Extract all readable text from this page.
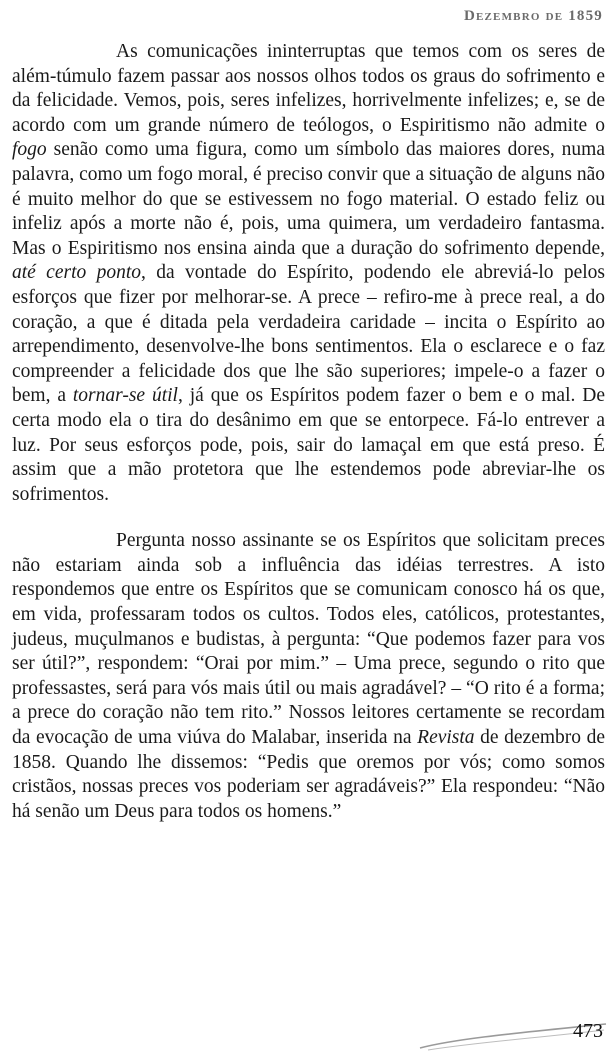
Dezembro de 1859

As comunicações ininterruptas que temos com os seres de além-túmulo fazem passar aos nossos olhos todos os graus do sofrimento e da felicidade. Vemos, pois, seres infelizes, horrivelmente infelizes; e, se de acordo com um grande número de teólogos, o Espiritismo não admite o fogo senão como uma figura, como um símbolo das maiores dores, numa palavra, como um fogo moral, é preciso convir que a situação de alguns não é muito melhor do que se estivessem no fogo material. O estado feliz ou infeliz após a morte não é, pois, uma quimera, um verdadeiro fantasma. Mas o Espiritismo nos ensina ainda que a duração do sofrimento depende, até certo ponto, da vontade do Espírito, podendo ele abreviá-lo pelos esforços que fizer por melhorar-se. A prece – refiro-me à prece real, a do coração, a que é ditada pela verdadeira caridade – incita o Espírito ao arrependimento, desenvolve-lhe bons sentimentos. Ela o esclarece e o faz compreender a felicidade dos que lhe são superiores; impele-o a fazer o bem, a tornar-se útil, já que os Espíritos podem fazer o bem e o mal. De certa modo ela o tira do desânimo em que se entorpece. Fá-lo entrever a luz. Por seus esforços pode, pois, sair do lamaçal em que está preso. É assim que a mão protetora que lhe estendemos pode abreviar-lhe os sofrimentos.

Pergunta nosso assinante se os Espíritos que solicitam preces não estariam ainda sob a influência das idéias terrestres. A isto respondemos que entre os Espíritos que se comunicam conosco há os que, em vida, professaram todos os cultos. Todos eles, católicos, protestantes, judeus, muçulmanos e budistas, à pergunta: “Que podemos fazer para vos ser útil?”, respondem: “Orai por mim.” – Uma prece, segundo o rito que professastes, será para vós mais útil ou mais agradável? – “O rito é a forma; a prece do coração não tem rito.” Nossos leitores certamente se recordam da evocação de uma viúva do Malabar, inserida na Revista de dezembro de 1858. Quando lhe dissemos: “Pedis que oremos por vós; como somos cristãos, nossas preces vos poderiam ser agradáveis?” Ela respondeu: “Não há senão um Deus para todos os homens.”

473
